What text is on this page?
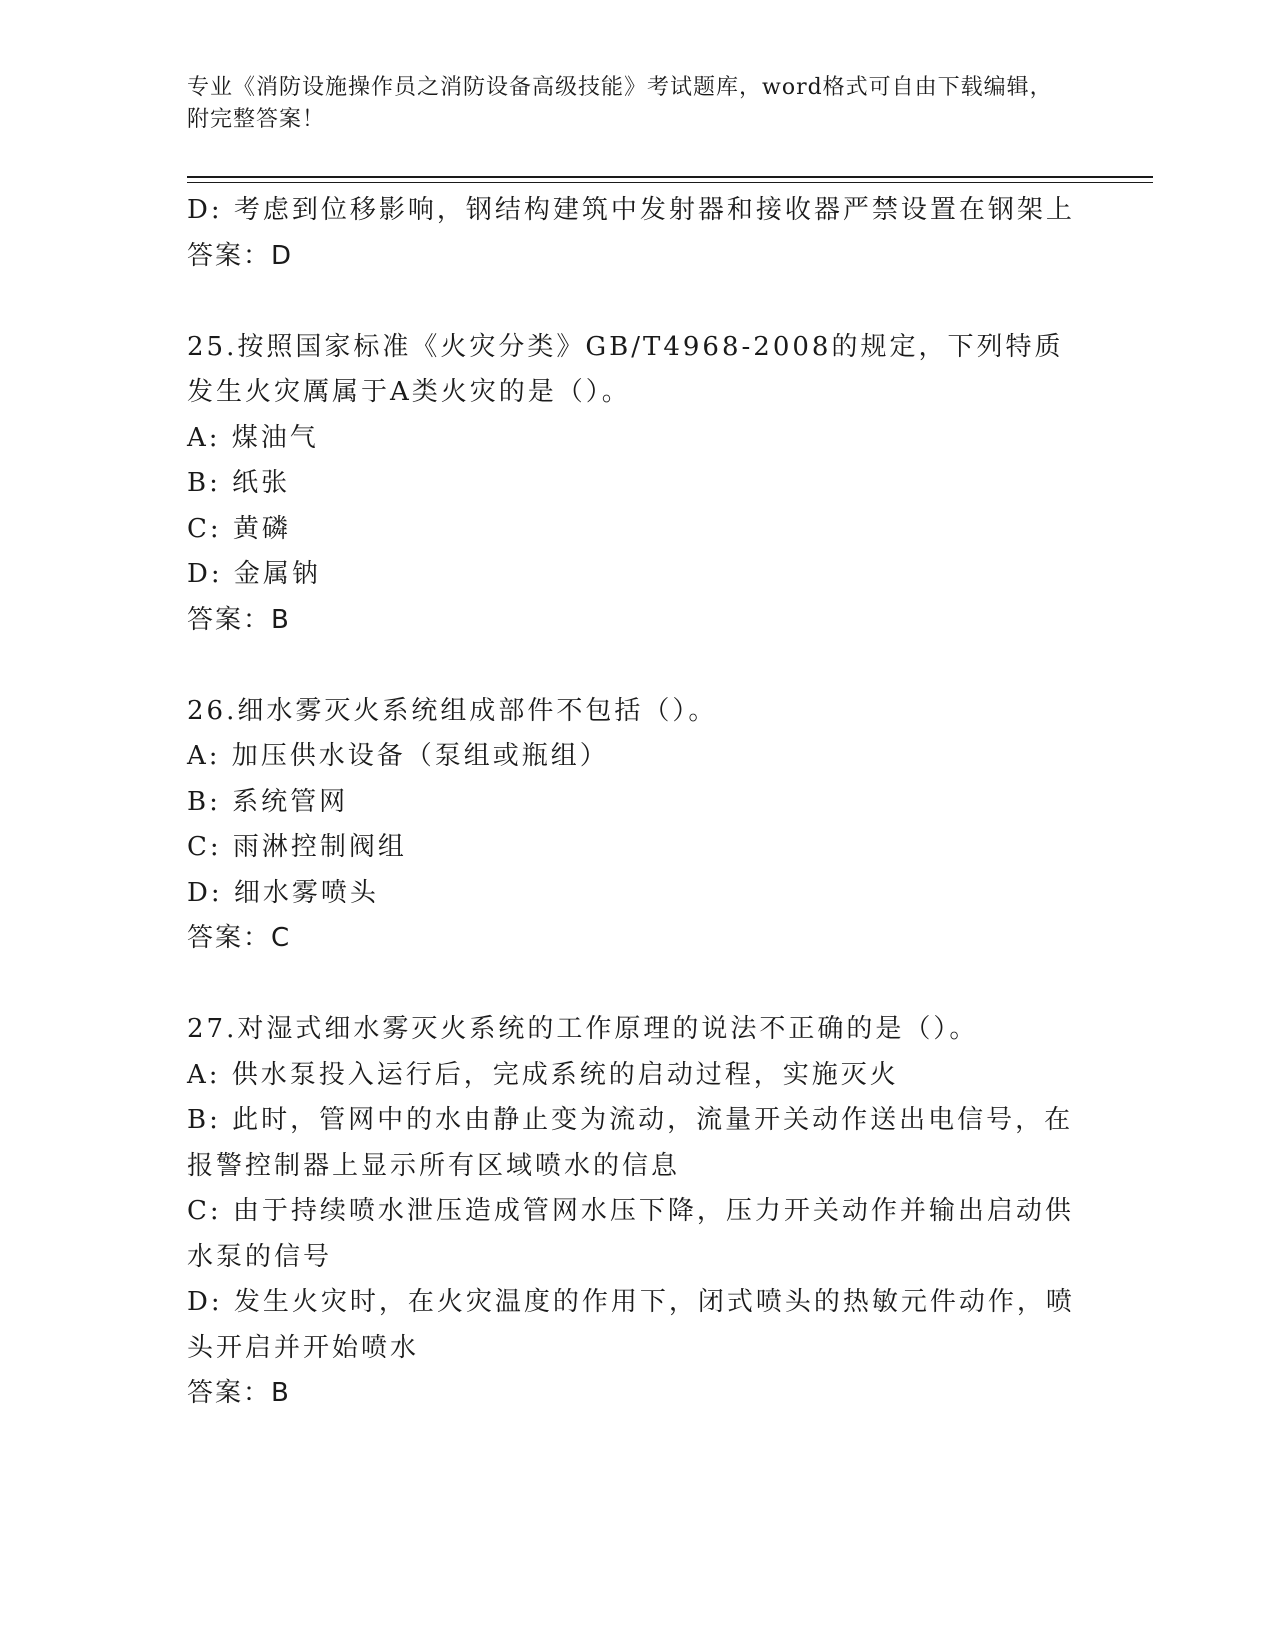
专业《消防设施操作员之消防设备高级技能》考试题库，word格式可自由下载编辑，附完整答案！

D: 考虑到位移影响，钢结构建筑中发射器和接收器严禁设置在钢架上

答案：D

25.按照国家标准《火灾分类》GB/T4968-2008的规定，下列特质发生火灾厲属于A类火灾的是（）。

A: 煤油气

B: 纸张

C: 黄磷

D: 金属钠

答案：B

26.细水雾灭火系统组成部件不包括（）。

A: 加压供水设备（泵组或瓶组）

B: 系统管网

C: 雨淋控制阀组

D: 细水雾喷头

答案：C

27.对湿式细水雾灭火系统的工作原理的说法不正确的是（）。

A: 供水泵投入运行后，完成系统的启动过程，实施灭火

B: 此时，管网中的水由静止变为流动，流量开关动作送出电信号，在报警控制器上显示所有区域喷水的信息

C: 由于持续喷水泄压造成管网水压下降，压力开关动作并输出启动供水泵的信号

D: 发生火灾时，在火灾温度的作用下，闭式喷头的热敏元件动作，喷头开启并开始喷水

答案：B
